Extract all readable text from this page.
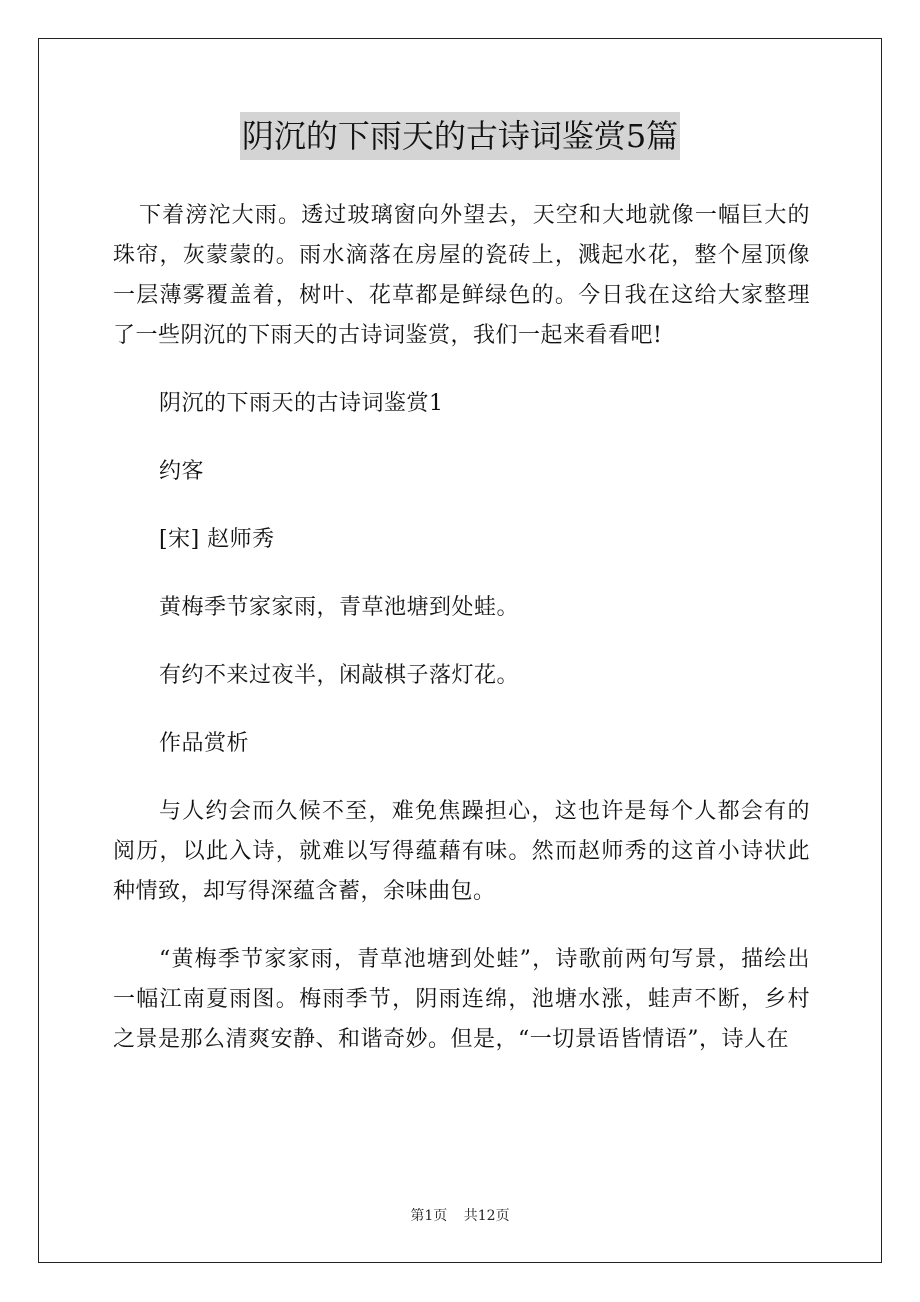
阴沉的下雨天的古诗词鉴赏5篇

下着滂沱大雨。透过玻璃窗向外望去，天空和大地就像一幅巨大的珠帘，灰蒙蒙的。雨水滴落在房屋的瓷砖上，溅起水花，整个屋顶像一层薄雾覆盖着，树叶、花草都是鲜绿色的。今日我在这给大家整理了一些阴沉的下雨天的古诗词鉴赏，我们一起来看看吧!

阴沉的下雨天的古诗词鉴赏1

约客

[宋] 赵师秀

黄梅季节家家雨，青草池塘到处蛙。

有约不来过夜半，闲敲棋子落灯花。

作品赏析

与人约会而久候不至，难免焦躁担心，这也许是每个人都会有的阅历，以此入诗，就难以写得蕴藉有味。然而赵师秀的这首小诗状此种情致，却写得深蕴含蓄，余味曲包。

“黄梅季节家家雨，青草池塘到处蛙”，诗歌前两句写景，描绘出一幅江南夏雨图。梅雨季节，阴雨连绵，池塘水涨，蛙声不断，乡村之景是那么清爽安静、和谐奇妙。但是，“一切景语皆情语”，诗人在

第1页 共12页
